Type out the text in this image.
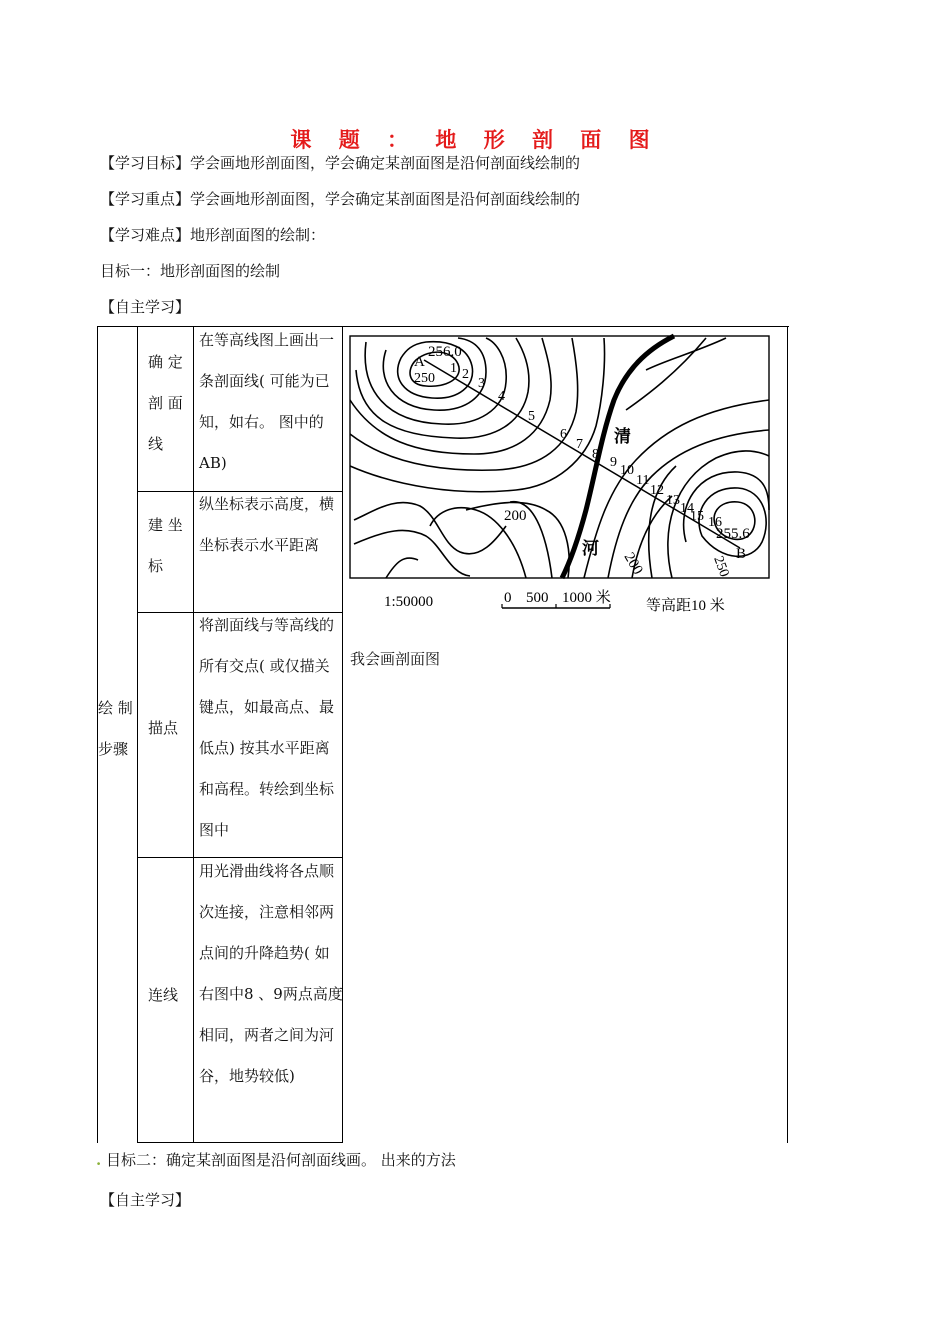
课 题 ： 地 形 剖 面 图
【学习目标】学会画地形剖面图，学会确定某剖面图是沿何剖面线绘制的
【学习重点】学会画地形剖面图，学会确定某剖面图是沿何剖面线绘制的
【学习难点】地形剖面图的绘制：
目标一：地形剖面图的绘制
【自主学习】
绘 制
步骤
确 定
剖 面
线
在等高线图上画出一条剖面线( 可能为已知，如右。 图中的AB)
建 坐
标
纵坐标表示高度，横坐标表示水平距离
描点
将剖面线与等高线的所有交点( 或仅描关键点，如最高点、最低点) 按其水平距离和高程。转绘到坐标图中
连线
用光滑曲线将各点顺次连接，注意相邻两点间的升降趋势( 如右图中8 、9两点高度相同，两者之间为河谷，地势较低)
A
B
256.0
255.6
250
200
200	250
清
河
1 2
3
4
5
6
7
8
9
10
11
12
13
14
15 16
1:50000	0 500 1000 米 等高距10 米
我会画剖面图
. 目标二：确定某剖面图是沿何剖面线画。 出来的方法
【自主学习】
